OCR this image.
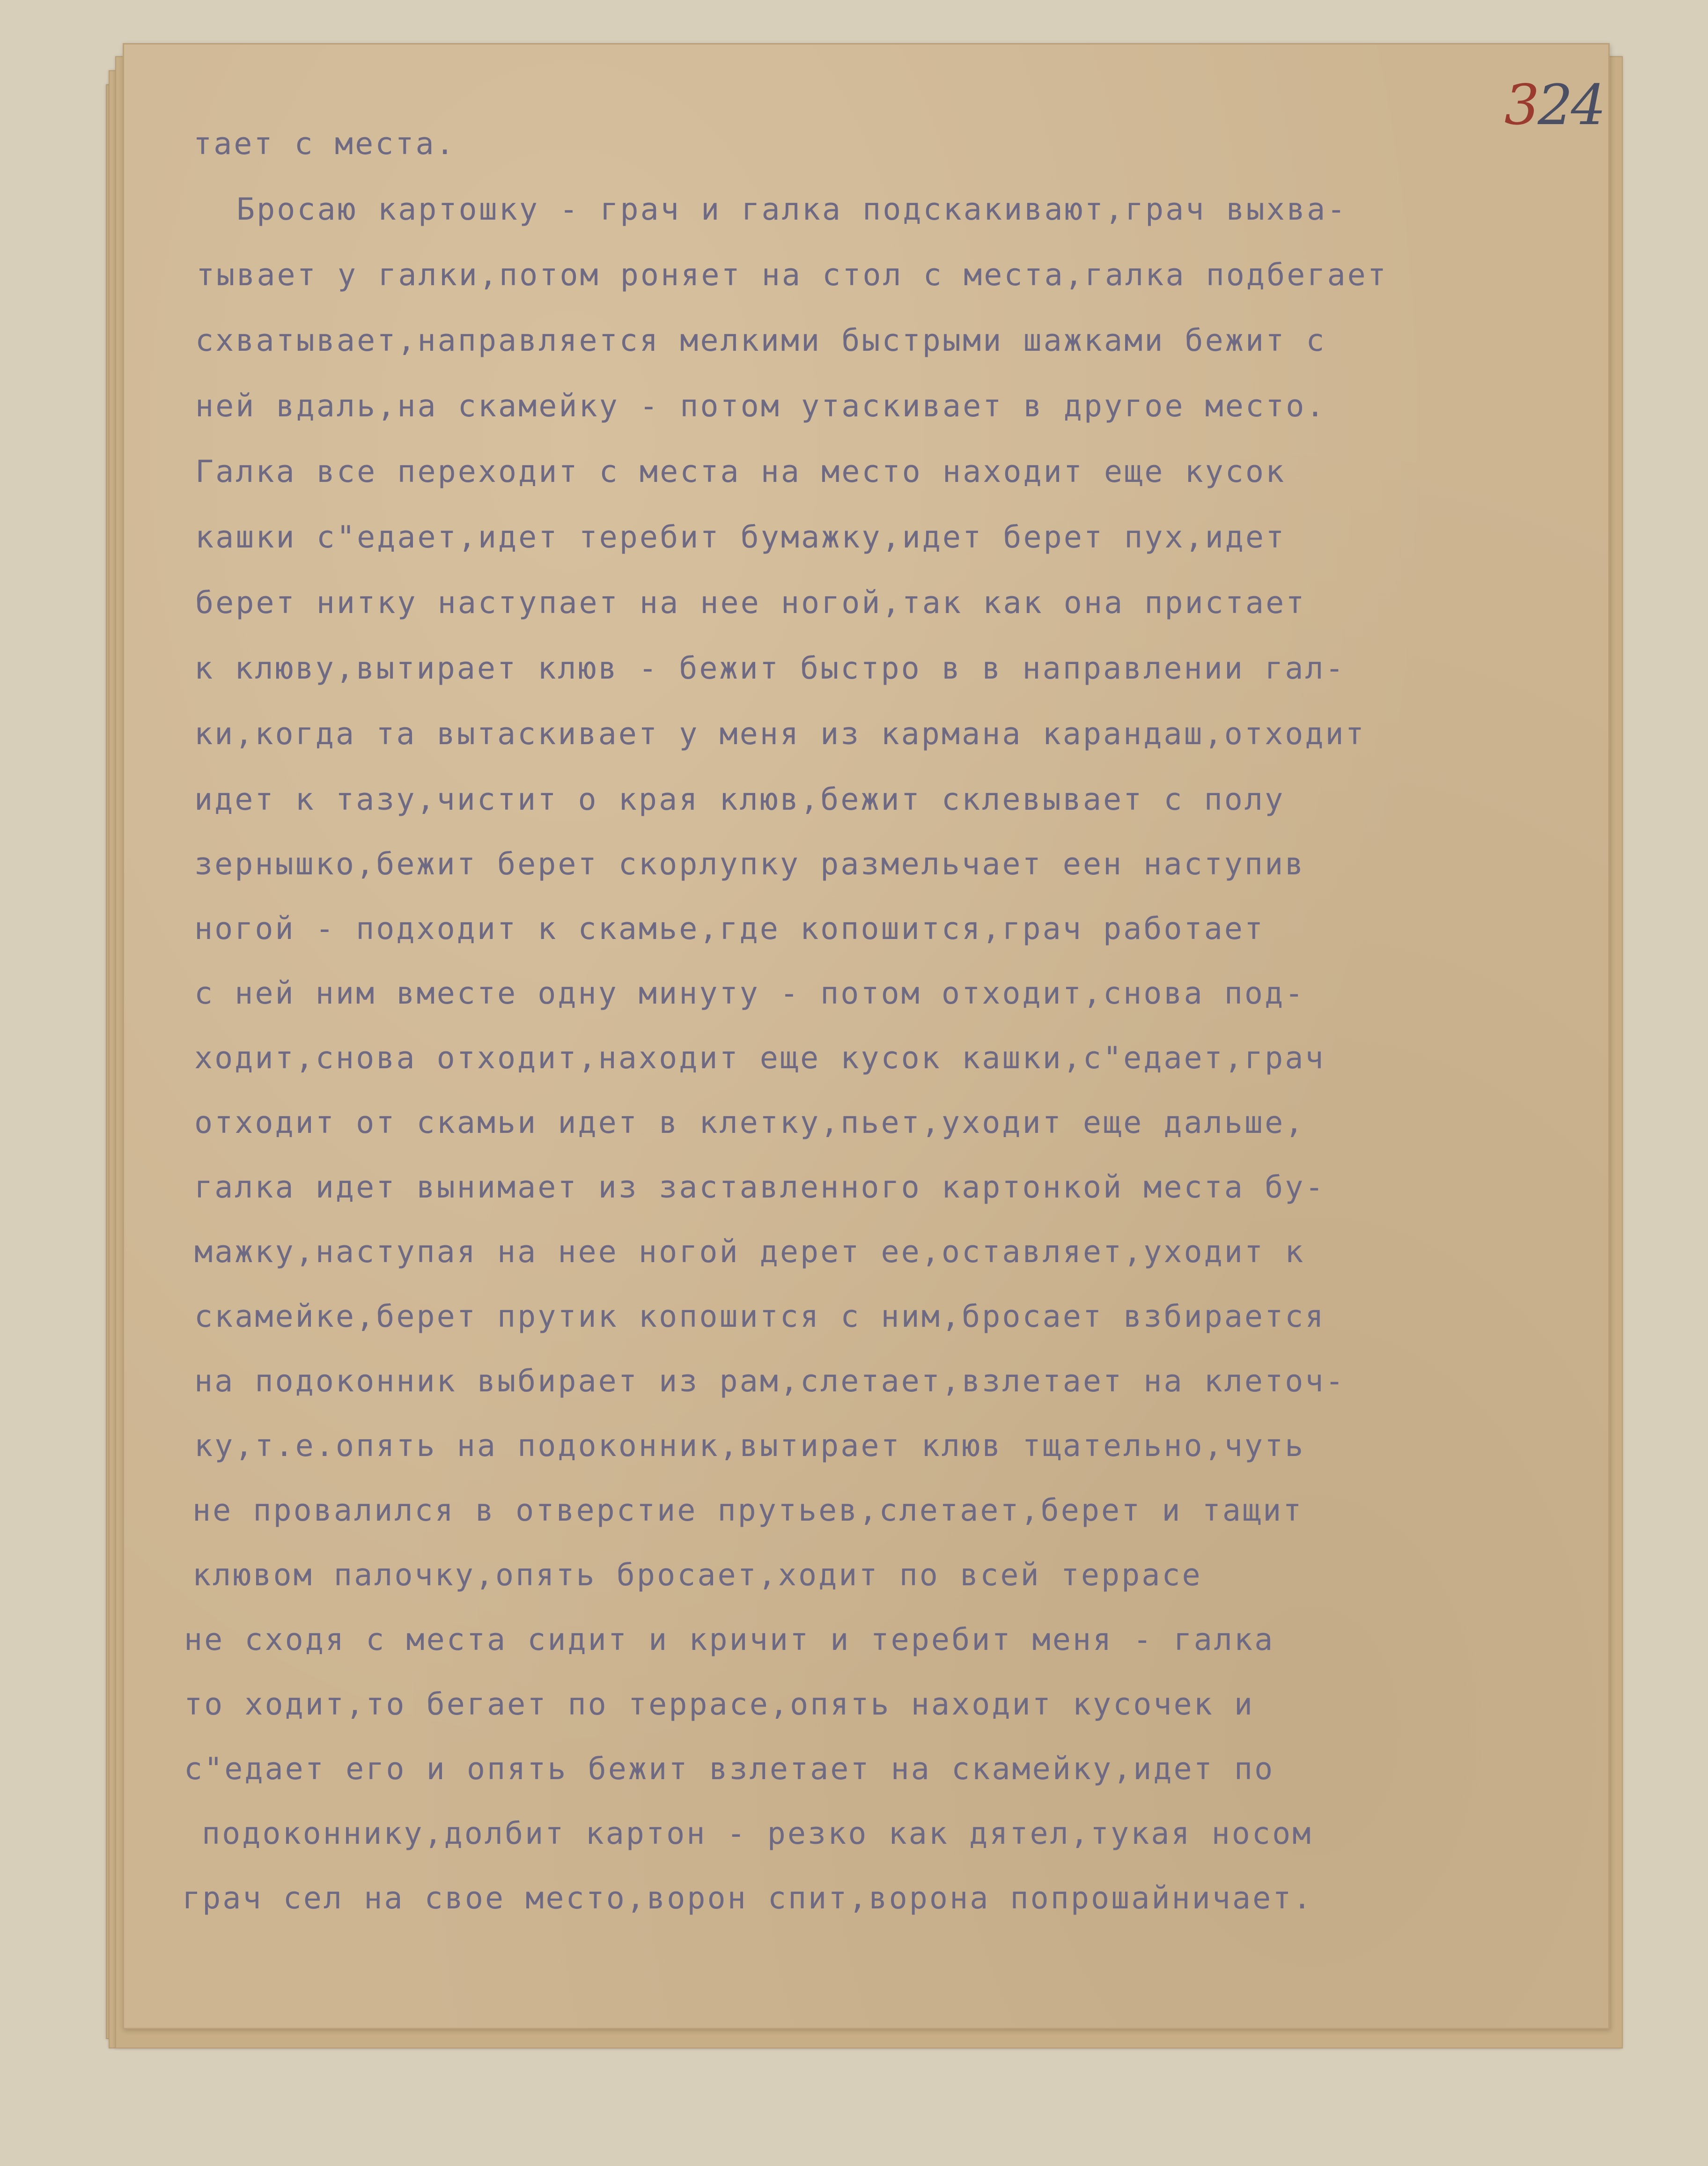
324
тает с места.
Бросаю картошку - грач и галка подскакивают,грач выхва-
тывает у галки,потом роняет на стол с места,галка подбегает
схватывает,направляется мелкими быстрыми шажками бежит с
ней вдаль,на скамейку - потом утаскивает в другое место.
Галка все переходит с места на место находит еще кусок
кашки с"едает,идет теребит бумажку,идет берет пух,идет
берет нитку наступает на нее ногой,так как она пристает
к клюву,вытирает клюв - бежит быстро в в направлении гал-
ки,когда та вытаскивает у меня из кармана карандаш,отходит
идет к тазу,чистит о края клюв,бежит склевывает с полу
зернышко,бежит берет скорлупку размельчает еен наступив
ногой - подходит к скамье,где копошится,грач работает
с ней ним вместе одну минуту - потом отходит,снова под-
ходит,снова отходит,находит еще кусок кашки,с"едает,грач
отходит от скамьи идет в клетку,пьет,уходит еще дальше,
галка идет вынимает из заставленного картонкой места бу-
мажку,наступая на нее ногой дерет ее,оставляет,уходит к
скамейке,берет прутик копошится с ним,бросает взбирается
на подоконник выбирает из рам,слетает,взлетает на клеточ-
ку,т.е.опять на подоконник,вытирает клюв тщательно,чуть
не провалился в отверстие прутьев,слетает,берет и тащит
клювом палочку,опять бросает,ходит по всей террасе
не сходя с места сидит и кричит и теребит меня - галка
то ходит,то бегает по террасе,опять находит кусочек и
с"едает его и опять бежит взлетает на скамейку,идет по
подоконнику,долбит картон - резко как дятел,тукая носом
грач сел на свое место,ворон спит,ворона попрошайничает.
